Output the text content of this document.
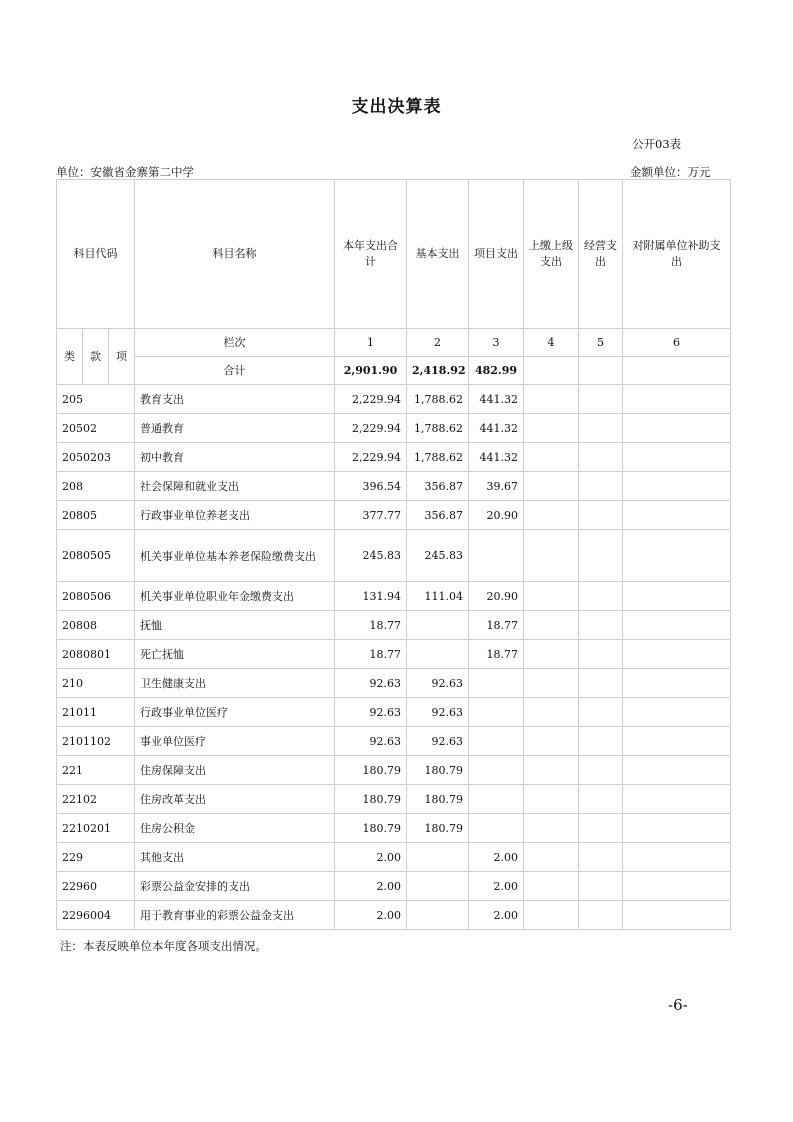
支出决算表
公开03表
单位：安徽省金寨第二中学	金额单位：万元
科目代码			科目名称	本年支出合计	基本支出	项目支出	上缴上级支出	经营支出	对附属单位补助支出
类	款	项	栏次	1	2	3	4	5	6
			合计	2,901.90	2,418.92	482.99			
205			教育支出	2,229.94	1,788.62	441.32			
20502			普通教育	2,229.94	1,788.62	441.32			
2050203			初中教育	2,229.94	1,788.62	441.32			
208			社会保障和就业支出	396.54	356.87	39.67			
20805			行政事业单位养老支出	377.77	356.87	20.90			
2080505			机关事业单位基本养老保险缴费支出	245.83	245.83				
2080506			机关事业单位职业年金缴费支出	131.94	111.04	20.90			
20808			抚恤	18.77		18.77			
2080801			死亡抚恤	18.77		18.77			
210			卫生健康支出	92.63	92.63				
21011			行政事业单位医疗	92.63	92.63				
2101102			事业单位医疗	92.63	92.63				
221			住房保障支出	180.79	180.79				
22102			住房改革支出	180.79	180.79				
2210201			住房公积金	180.79	180.79				
229			其他支出	2.00		2.00			
22960			彩票公益金安排的支出	2.00		2.00			
2296004			用于教育事业的彩票公益金支出	2.00		2.00			
注：本表反映单位本年度各项支出情况。
-6-
